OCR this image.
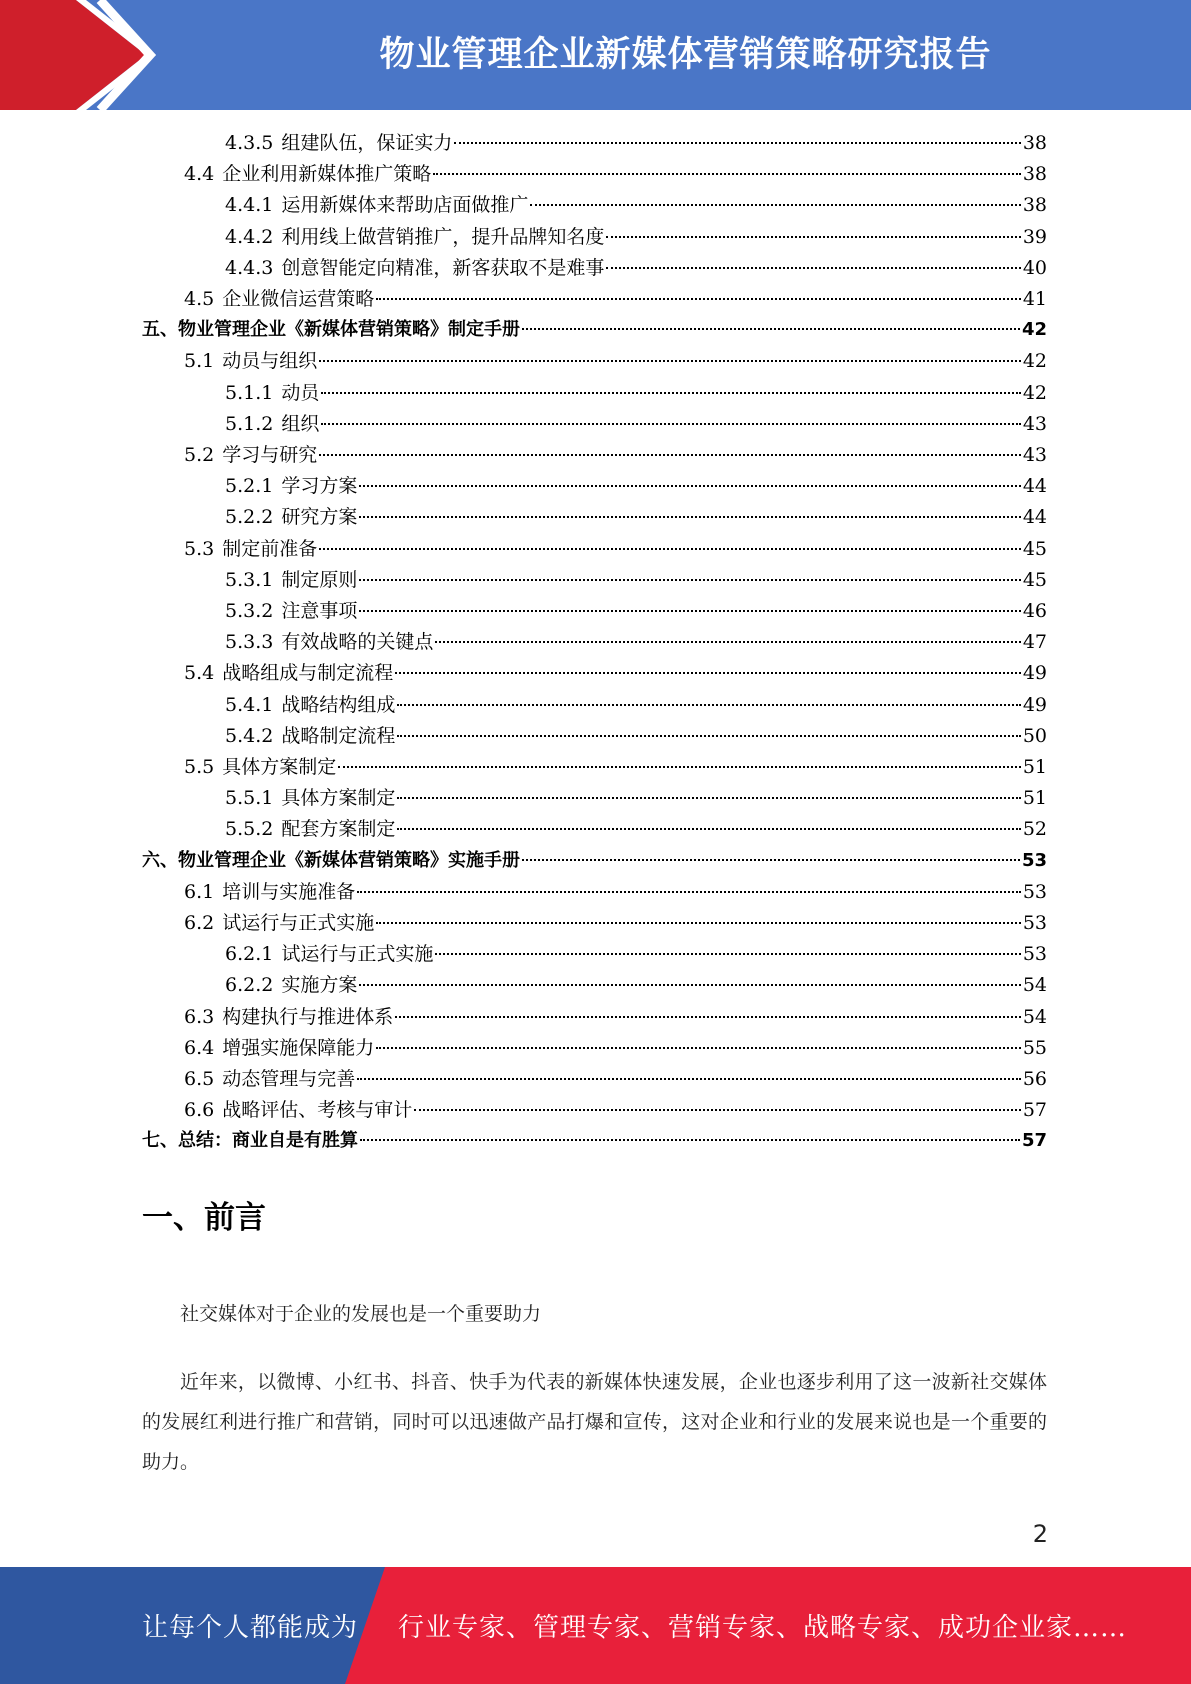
物业管理企业新媒体营销策略研究报告
4.3.5 组建队伍，保证实力	38
4.4 企业利用新媒体推广策略	38
4.4.1 运用新媒体来帮助店面做推广	38
4.4.2 利用线上做营销推广，提升品牌知名度	39
4.4.3 创意智能定向精准，新客获取不是难事	40
4.5 企业微信运营策略	41
五、物业管理企业《新媒体营销策略》制定手册	42
5.1 动员与组织	42
5.1.1 动员	42
5.1.2 组织	43
5.2 学习与研究	43
5.2.1 学习方案	44
5.2.2 研究方案	44
5.3 制定前准备	45
5.3.1 制定原则	45
5.3.2 注意事项	46
5.3.3 有效战略的关键点	47
5.4 战略组成与制定流程	49
5.4.1 战略结构组成	49
5.4.2 战略制定流程	50
5.5 具体方案制定	51
5.5.1 具体方案制定	51
5.5.2 配套方案制定	52
六、物业管理企业《新媒体营销策略》实施手册	53
6.1 培训与实施准备	53
6.2 试运行与正式实施	53
6.2.1 试运行与正式实施	53
6.2.2 实施方案	54
6.3 构建执行与推进体系	54
6.4 增强实施保障能力	55
6.5 动态管理与完善	56
6.6 战略评估、考核与审计	57
七、总结：商业自是有胜算	57
一、前言
社交媒体对于企业的发展也是一个重要助力
近年来，以微博、小红书、抖音、快手为代表的新媒体快速发展，企业也逐步利用了这一波新社交媒体的发展红利进行推广和营销，同时可以迅速做产品打爆和宣传，这对企业和行业的发展来说也是一个重要的助力。
2
让每个人都能成为 行业专家、管理专家、营销专家、战略专家、成功企业家……
